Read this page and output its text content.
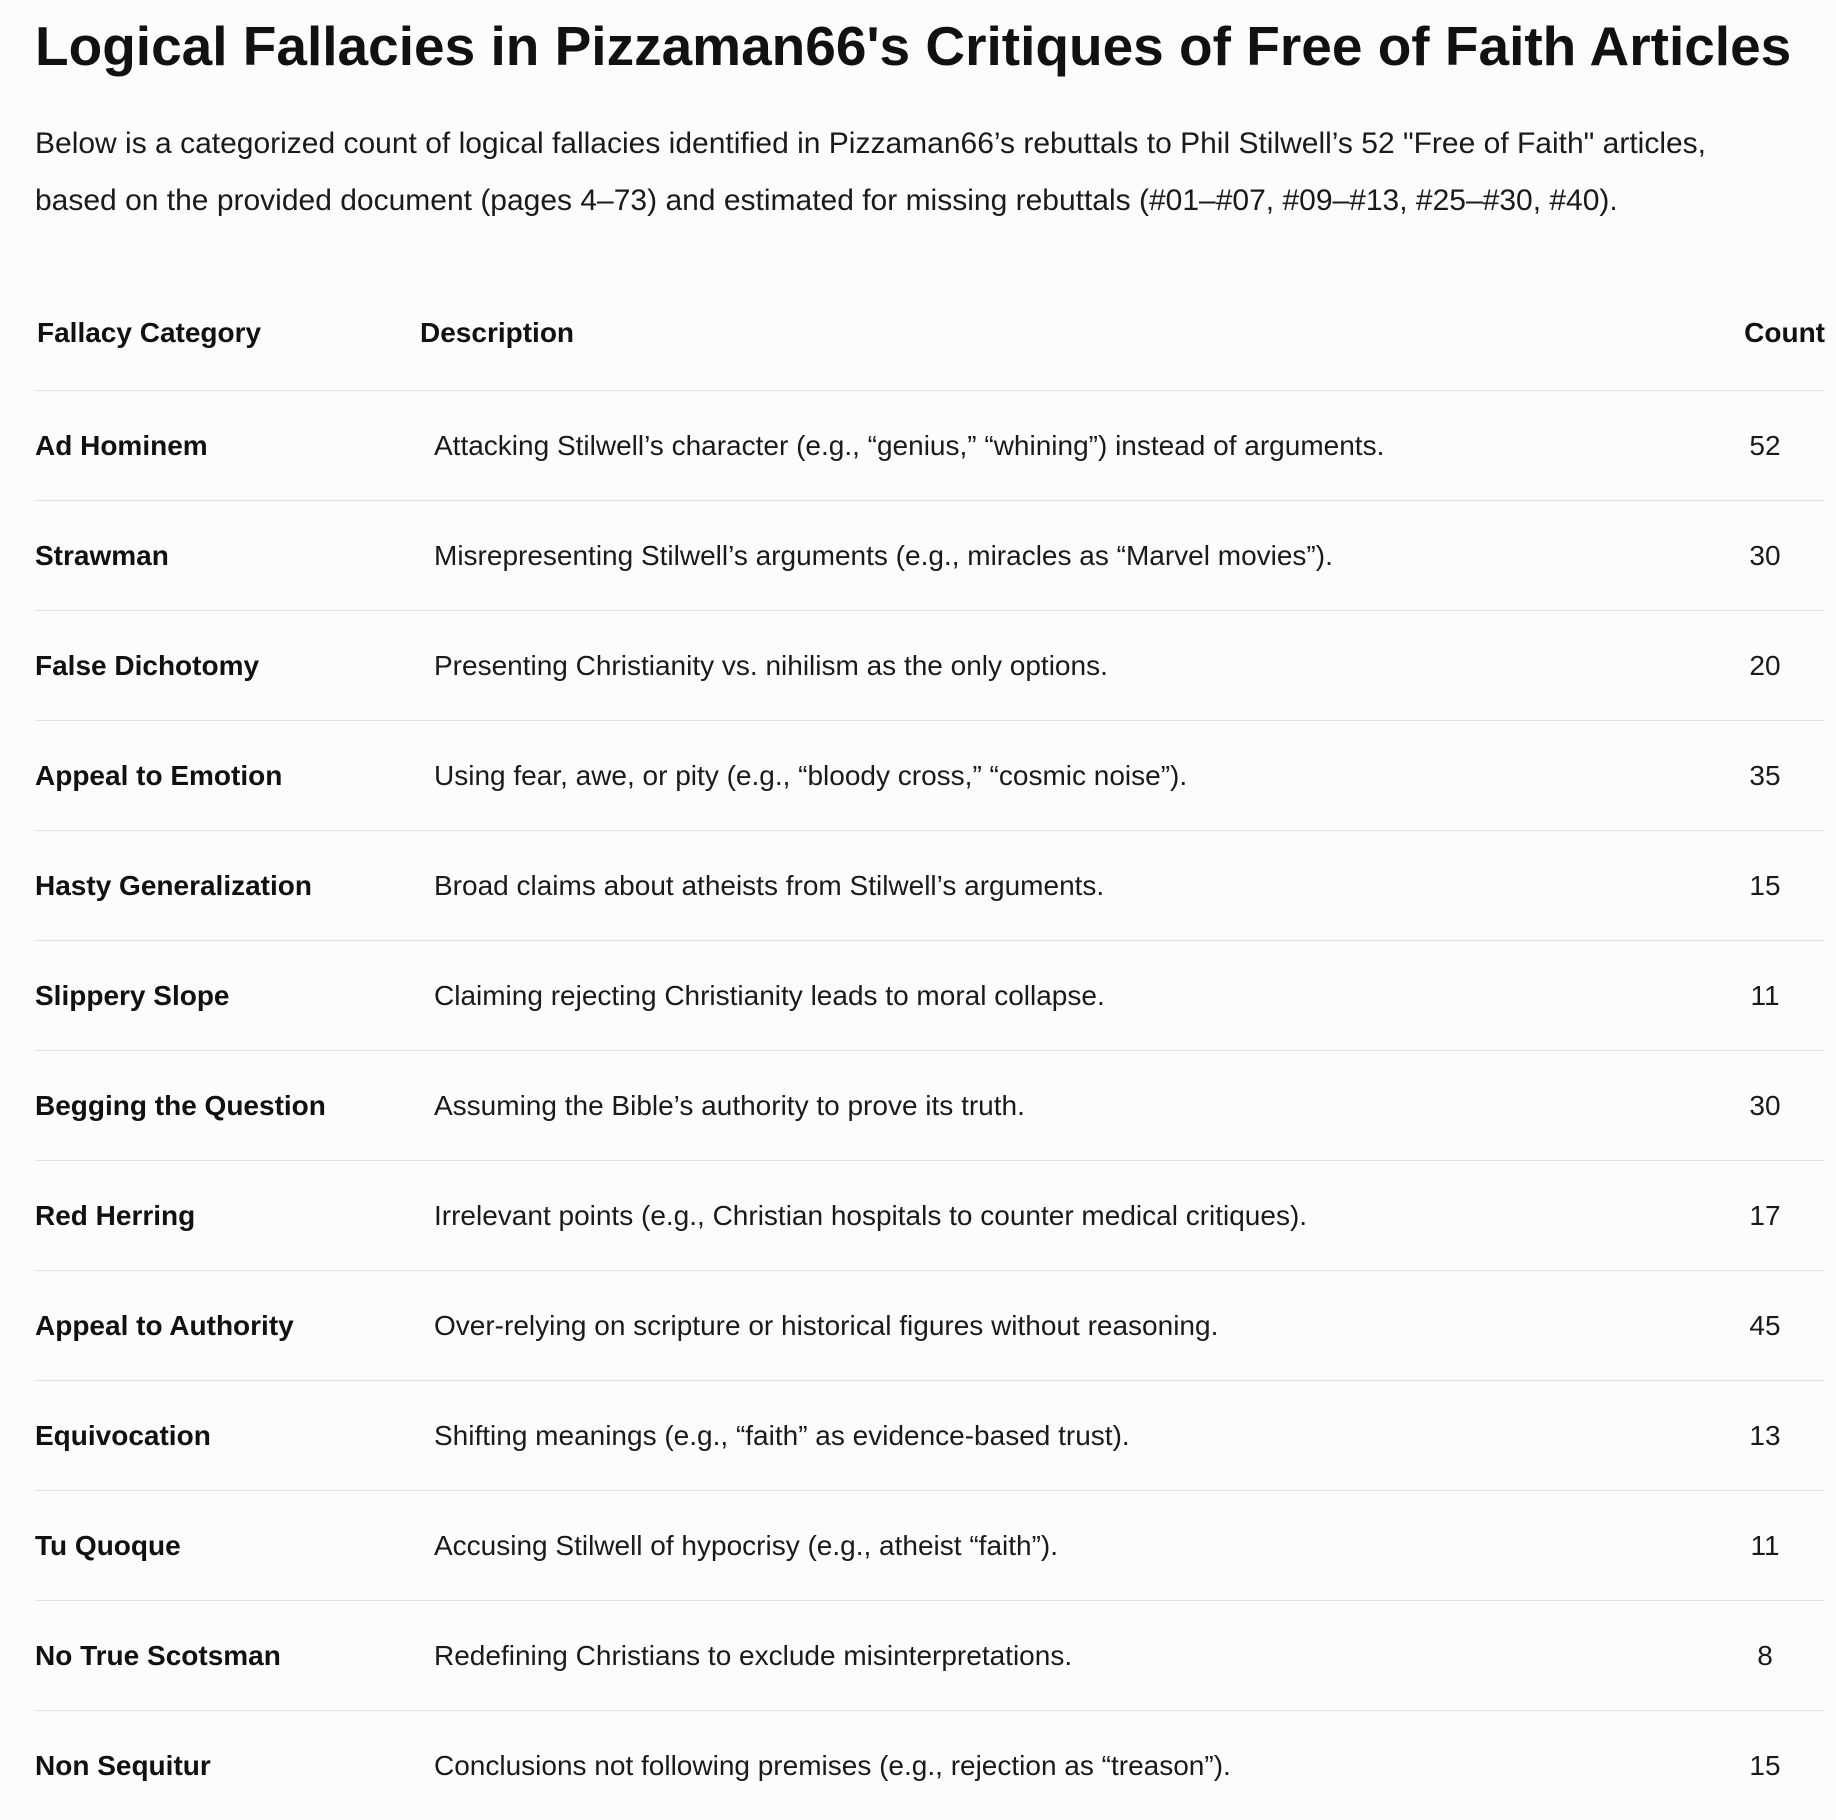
Logical Fallacies in Pizzaman66's Critiques of Free of Faith Articles

Below is a categorized count of logical fallacies identified in Pizzaman66’s rebuttals to Phil Stilwell’s 52 "Free of Faith" articles, based on the provided document (pages 4–73) and estimated for missing rebuttals (#01–#07, #09–#13, #25–#30, #40).

Fallacy Category	Description	Count
Ad Hominem	Attacking Stilwell’s character (e.g., “genius,” “whining”) instead of arguments.	52
Strawman	Misrepresenting Stilwell’s arguments (e.g., miracles as “Marvel movies”).	30
False Dichotomy	Presenting Christianity vs. nihilism as the only options.	20
Appeal to Emotion	Using fear, awe, or pity (e.g., “bloody cross,” “cosmic noise”).	35
Hasty Generalization	Broad claims about atheists from Stilwell’s arguments.	15
Slippery Slope	Claiming rejecting Christianity leads to moral collapse.	11
Begging the Question	Assuming the Bible’s authority to prove its truth.	30
Red Herring	Irrelevant points (e.g., Christian hospitals to counter medical critiques).	17
Appeal to Authority	Over-relying on scripture or historical figures without reasoning.	45
Equivocation	Shifting meanings (e.g., “faith” as evidence-based trust).	13
Tu Quoque	Accusing Stilwell of hypocrisy (e.g., atheist “faith”).	11
No True Scotsman	Redefining Christians to exclude misinterpretations.	8
Non Sequitur	Conclusions not following premises (e.g., rejection as “treason”).	15
